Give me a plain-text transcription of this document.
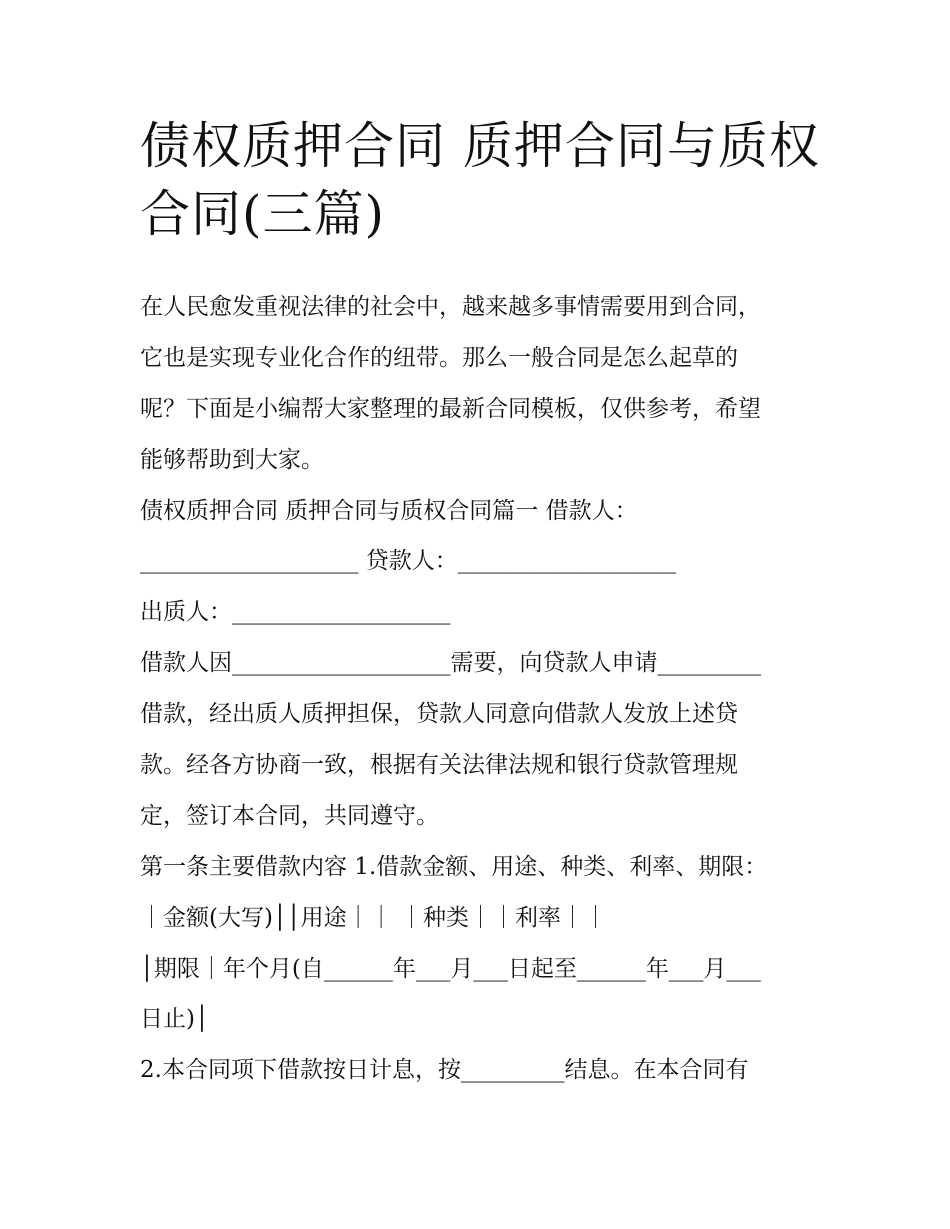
债权质押合同 质押合同与质权
合同(三篇)
在人民愈发重视法律的社会中，越来越多事情需要用到合同，
它也是实现专业化合作的纽带。那么一般合同是怎么起草的
呢？下面是小编帮大家整理的最新合同模板，仅供参考，希望
能够帮助到大家。
债权质押合同 质押合同与质权合同篇一 借款人：
___________________ 贷款人：___________________
出质人：___________________
借款人因___________________需要，向贷款人申请_________
借款，经出质人质押担保，贷款人同意向借款人发放上述贷
款。经各方协商一致，根据有关法律法规和银行贷款管理规
定，签订本合同，共同遵守。
第一条主要借款内容 1.借款金额、用途、种类、利率、期限：
｜金额(大写)││用途｜｜ ｜种类｜｜利率｜｜
│期限｜年个月(自______年___月___日起至______年___月___
日止)│
2.本合同项下借款按日计息，按_________结息。在本合同有
